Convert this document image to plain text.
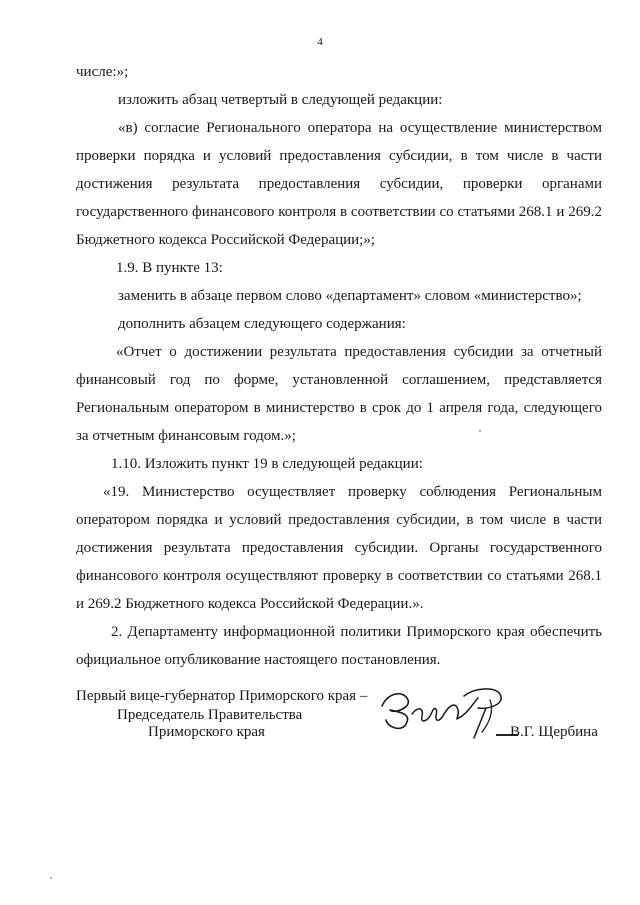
4

числе:»;

изложить абзац четвертый в следующей редакции:

«в) согласие Регионального оператора на осуществление министерством проверки порядка и условий предоставления субсидии, в том числе в части достижения результата предоставления субсидии, проверки органами государственного финансового контроля в соответствии со статьями 268.1 и 269.2 Бюджетного кодекса Российской Федерации;»;

1.9. В пункте 13:

заменить в абзаце первом слово «департамент» словом «министерство»;

дополнить абзацем следующего содержания:

«Отчет о достижении результата предоставления субсидии за отчетный финансовый год по форме, установленной соглашением, представляется Региональным оператором в министерство в срок до 1 апреля года, следующего за отчетным финансовым годом.»;

1.10. Изложить пункт 19 в следующей редакции:

«19. Министерство осуществляет проверку соблюдения Региональным оператором порядка и условий предоставления субсидии, в том числе в части достижения результата предоставления субсидии. Органы государственного финансового контроля осуществляют проверку в соответствии со статьями 268.1 и 269.2 Бюджетного кодекса Российской Федерации.».

2. Департаменту информационной политики Приморского края обеспечить официальное опубликование настоящего постановления.

Первый вице-губернатор Приморского края –
Председатель Правительства
Приморского края	В.Г. Щербина
